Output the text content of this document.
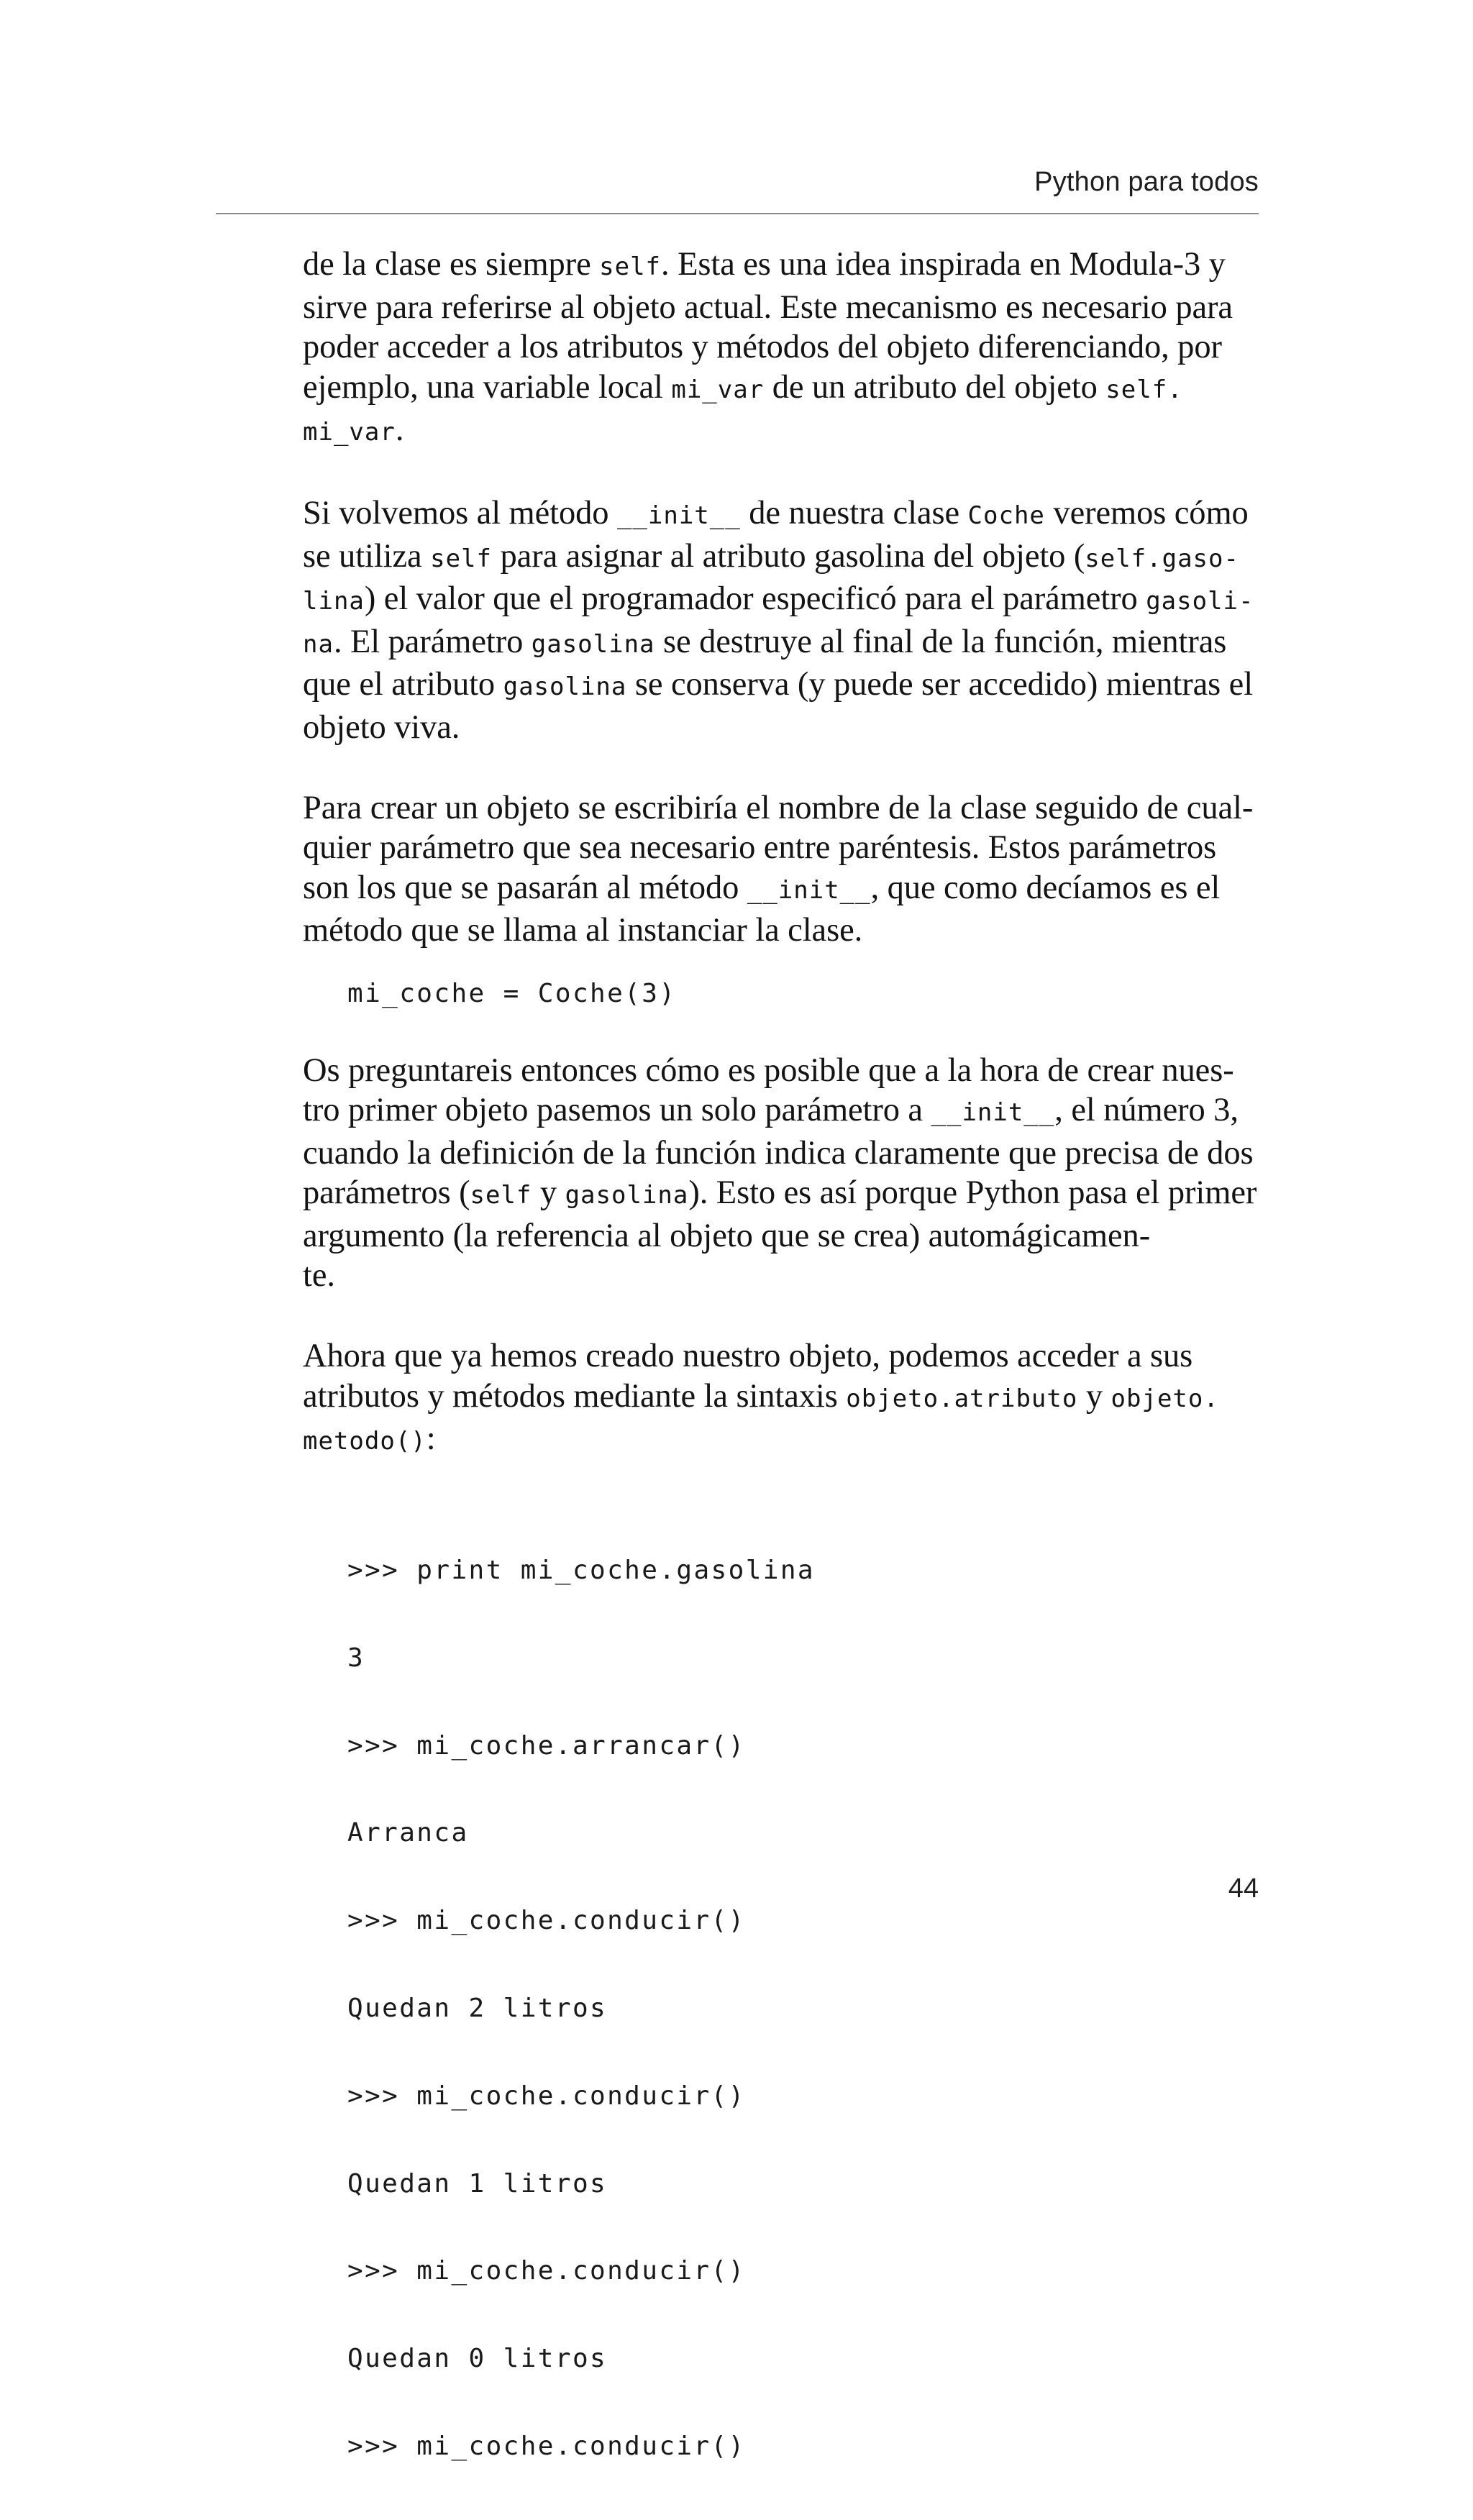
Python para todos

de la clase es siempre self. Esta es una idea inspirada en Modula-3 y sirve para referirse al objeto actual. Este mecanismo es necesario para poder acceder a los atributos y métodos del objeto diferenciando, por ejemplo, una variable local mi_var de un atributo del objeto self.
mi_var.

Si volvemos al método __init__ de nuestra clase Coche veremos cómo se utiliza self para asignar al atributo gasolina del objeto (self.gaso-
lina) el valor que el programador especificó para el parámetro gasoli-
na. El parámetro gasolina se destruye al final de la función, mientras que el atributo gasolina se conserva (y puede ser accedido) mientras el objeto viva.

Para crear un objeto se escribiría el nombre de la clase seguido de cual-
quier parámetro que sea necesario entre paréntesis. Estos parámetros son los que se pasarán al método __init__, que como decíamos es el método que se llama al instanciar la clase.

mi_coche = Coche(3)

Os preguntareis entonces cómo es posible que a la hora de crear nues-
tro primer objeto pasemos un solo parámetro a __init__, el número 3, cuando la definición de la función indica claramente que precisa de dos parámetros (self y gasolina). Esto es así porque Python pasa el primer argumento (la referencia al objeto que se crea) automágicamen-
te.

Ahora que ya hemos creado nuestro objeto, podemos acceder a sus atributos y métodos mediante la sintaxis objeto.atributo y objeto.
metodo():

>>> print mi_coche.gasolina

3

>>> mi_coche.arrancar()

Arranca

>>> mi_coche.conducir()

Quedan 2 litros

>>> mi_coche.conducir()

Quedan 1 litros

>>> mi_coche.conducir()

Quedan 0 litros

>>> mi_coche.conducir()

44
